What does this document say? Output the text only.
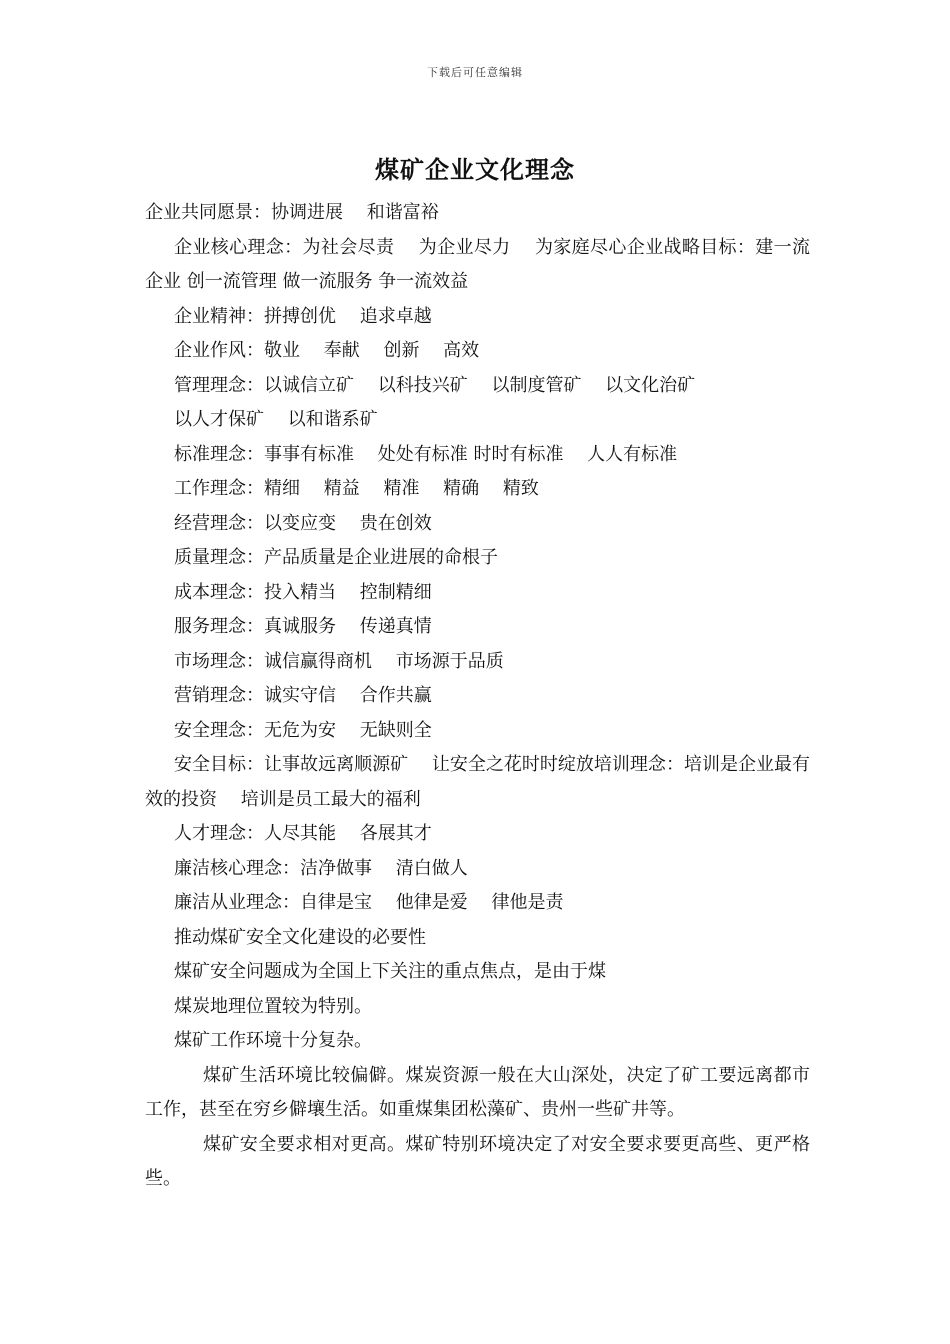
下载后可任意编辑
煤矿企业文化理念

企业共同愿景：协调进展　 和谐富裕

企业核心理念：为社会尽责　 为企业尽力　 为家庭尽心企业战略目标：建一流企业 创一流管理 做一流服务 争一流效益

企业精神：拼搏创优　 追求卓越

企业作风：敬业　 奉献　 创新　 高效

管理理念：以诚信立矿　 以科技兴矿　 以制度管矿　 以文化治矿

以人才保矿　 以和谐系矿

标准理念：事事有标准　 处处有标准 时时有标准　 人人有标准

工作理念：精细　 精益　 精准　 精确　 精致

经营理念：以变应变　 贵在创效

质量理念：产品质量是企业进展的命根子

成本理念：投入精当　 控制精细

服务理念：真诚服务　 传递真情

市场理念：诚信赢得商机　 市场源于品质

营销理念：诚实守信　 合作共赢

安全理念：无危为安　 无缺则全

安全目标：让事故远离顺源矿　 让安全之花时时绽放培训理念：培训是企业最有效的投资　 培训是员工最大的福利

人才理念：人尽其能　 各展其才

廉洁核心理念：洁净做事　 清白做人

廉洁从业理念：自律是宝　 他律是爱　 律他是责

推动煤矿安全文化建设的必要性

煤矿安全问题成为全国上下关注的重点焦点，是由于煤

煤炭地理位置较为特别。

煤矿工作环境十分复杂。

煤矿生活环境比较偏僻。煤炭资源一般在大山深处，决定了矿工要远离都市工作，甚至在穷乡僻壤生活。如重煤集团松藻矿、贵州一些矿井等。

煤矿安全要求相对更高。煤矿特别环境决定了对安全要求要更高些、更严格些。
